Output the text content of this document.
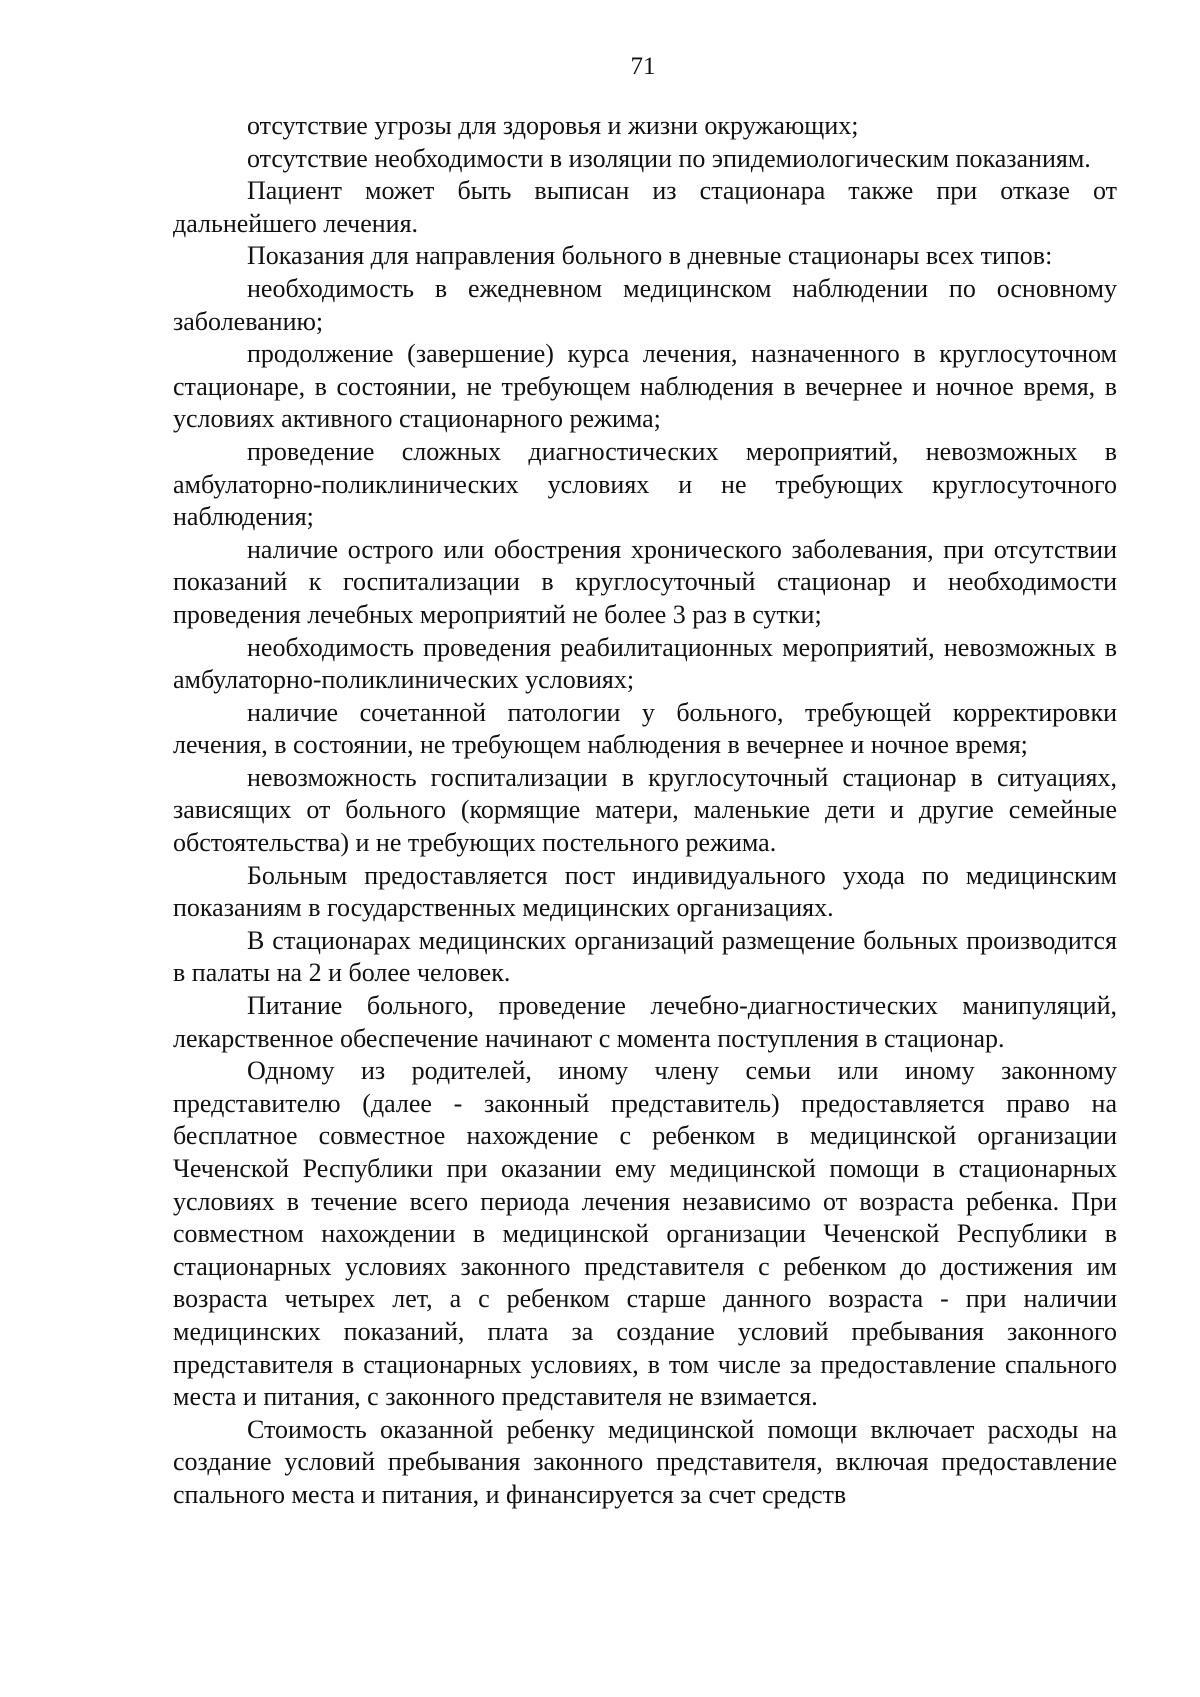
71

отсутствие угрозы для здоровья и жизни окружающих;

отсутствие необходимости в изоляции по эпидемиологическим показаниям.

Пациент может быть выписан из стационара также при отказе от дальнейшего лечения.

Показания для направления больного в дневные стационары всех типов:

необходимость в ежедневном медицинском наблюдении по основному заболеванию;

продолжение (завершение) курса лечения, назначенного в круглосуточном стационаре, в состоянии, не требующем наблюдения в вечернее и ночное время, в условиях активного стационарного режима;

проведение сложных диагностических мероприятий, невозможных в амбулаторно-поликлинических условиях и не требующих круглосуточного наблюдения;

наличие острого или обострения хронического заболевания, при отсутствии показаний к госпитализации в круглосуточный стационар и необходимости проведения лечебных мероприятий не более 3 раз в сутки;

необходимость проведения реабилитационных мероприятий, невозможных в амбулаторно-поликлинических условиях;

наличие сочетанной патологии у больного, требующей корректировки лечения, в состоянии, не требующем наблюдения в вечернее и ночное время;

невозможность госпитализации в круглосуточный стационар в ситуациях, зависящих от больного (кормящие матери, маленькие дети и другие семейные обстоятельства) и не требующих постельного режима.

Больным предоставляется пост индивидуального ухода по медицинским показаниям в государственных медицинских организациях.

В стационарах медицинских организаций размещение больных производится в палаты на 2 и более человек.

Питание больного, проведение лечебно-диагностических манипуляций, лекарственное обеспечение начинают с момента поступления в стационар.

Одному из родителей, иному члену семьи или иному законному представителю (далее - законный представитель) предоставляется право на бесплатное совместное нахождение с ребенком в медицинской организации Чеченской Республики при оказании ему медицинской помощи в стационарных условиях в течение всего периода лечения независимо от возраста ребенка. При совместном нахождении в медицинской организации Чеченской Республики в стационарных условиях законного представителя с ребенком до достижения им возраста четырех лет, а с ребенком старше данного возраста - при наличии медицинских показаний, плата за создание условий пребывания законного представителя в стационарных условиях, в том числе за предоставление спального места и питания, с законного представителя не взимается.

Стоимость оказанной ребенку медицинской помощи включает расходы на создание условий пребывания законного представителя, включая предоставление спального места и питания, и финансируется за счет средств
